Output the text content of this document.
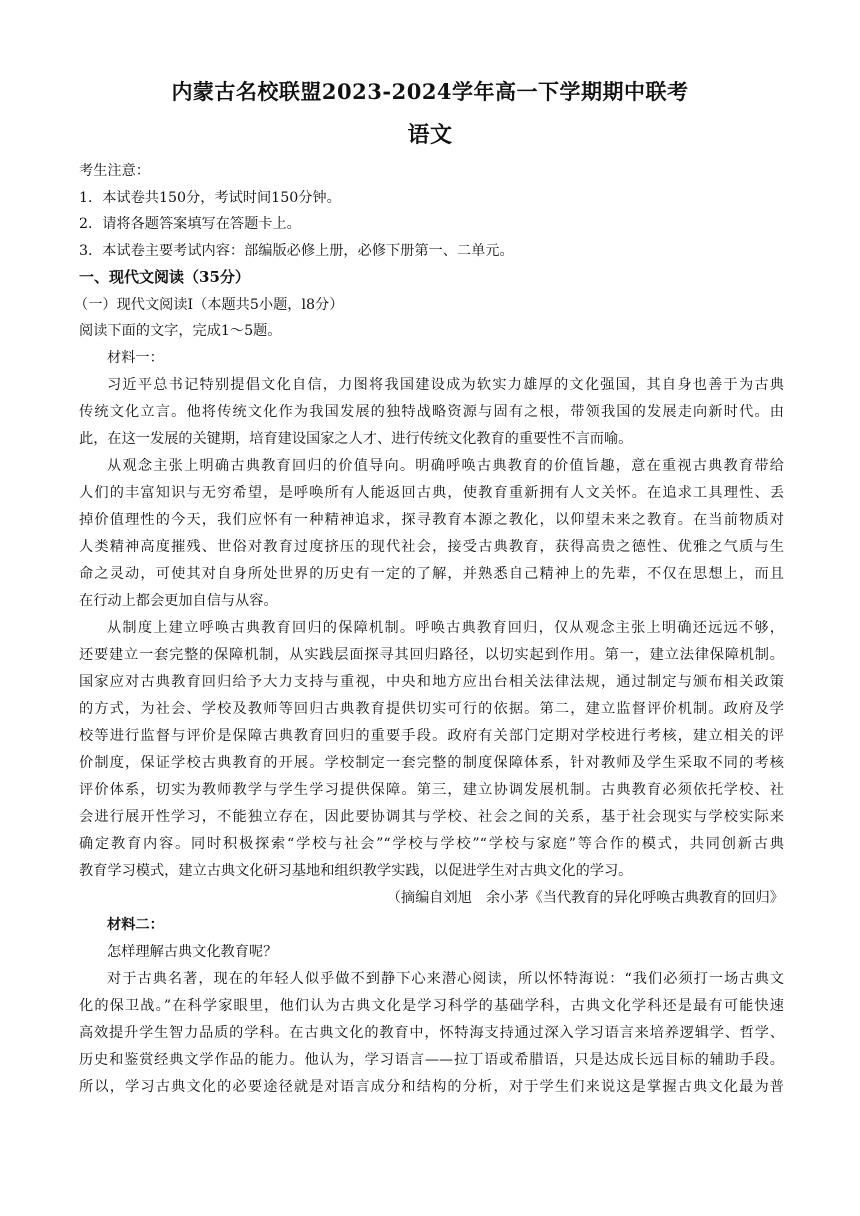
内蒙古名校联盟2023-2024学年高一下学期期中联考
语文
考生注意：
1．本试卷共150分，考试时间150分钟。
2．请将各题答案填写在答题卡上。
3．本试卷主要考试内容：部编版必修上册，必修下册第一、二单元。
一、现代文阅读（35分）
（一）现代文阅读Ⅰ（本题共5小题，l8分）
阅读下面的文字，完成1～5题。
材料一：
习近平总书记特别提倡文化自信，力图将我国建设成为软实力雄厚的文化强国，其自身也善于为古典
传统文化立言。他将传统文化作为我国发展的独特战略资源与固有之根，带领我国的发展走向新时代。由
此，在这一发展的关键期，培育建设国家之人才、进行传统文化教育的重要性不言而喻。
从观念主张上明确古典教育回归的价值导向。明确呼唤古典教育的价值旨趣，意在重视古典教育带给
人们的丰富知识与无穷希望，是呼唤所有人能返回古典，使教育重新拥有人文关怀。在追求工具理性、丢
掉价值理性的今天，我们应怀有一种精神追求，探寻教育本源之教化，以仰望未来之教育。在当前物质对
人类精神高度摧残、世俗对教育过度挤压的现代社会，接受古典教育，获得高贵之德性、优雅之气质与生
命之灵动，可使其对自身所处世界的历史有一定的了解，并熟悉自己精神上的先辈，不仅在思想上，而且
在行动上都会更加自信与从容。
从制度上建立呼唤古典教育回归的保障机制。呼唤古典教育回归，仅从观念主张上明确还远远不够，
还要建立一套完整的保障机制，从实践层面探寻其回归路径，以切实起到作用。第一，建立法律保障机制。
国家应对古典教育回归给予大力支持与重视，中央和地方应出台相关法律法规，通过制定与颁布相关政策
的方式，为社会、学校及教师等回归古典教育提供切实可行的依据。第二，建立监督评价机制。政府及学
校等进行监督与评价是保障古典教育回归的重要手段。政府有关部门定期对学校进行考核，建立相关的评
价制度，保证学校古典教育的开展。学校制定一套完整的制度保障体系，针对教师及学生采取不同的考核
评价体系，切实为教师教学与学生学习提供保障。第三，建立协调发展机制。古典教育必须依托学校、社
会进行展开性学习，不能独立存在，因此要协调其与学校、社会之间的关系，基于社会现实与学校实际来
确定教育内容。同时积极探索“学校与社会”“学校与学校”“学校与家庭”等合作的模式，共同创新古典
教育学习模式，建立古典文化研习基地和组织教学实践，以促进学生对古典文化的学习。
（摘编自刘旭　余小茅《当代教育的异化呼唤古典教育的回归》
材料二：
怎样理解古典文化教育呢？
对于古典名著，现在的年轻人似乎做不到静下心来潜心阅读，所以怀特海说：“我们必须打一场古典文
化的保卫战。”在科学家眼里，他们认为古典文化是学习科学的基础学科，古典文化学科还是最有可能快速
高效提升学生智力品质的学科。在古典文化的教育中，怀特海支持通过深入学习语言来培养逻辑学、哲学、
历史和鉴赏经典文学作品的能力。他认为，学习语言——拉丁语或希腊语，只是达成长远目标的辅助手段。
所以，学习古典文化的必要途径就是对语言成分和结构的分析，对于学生们来说这是掌握古典文化最为普
